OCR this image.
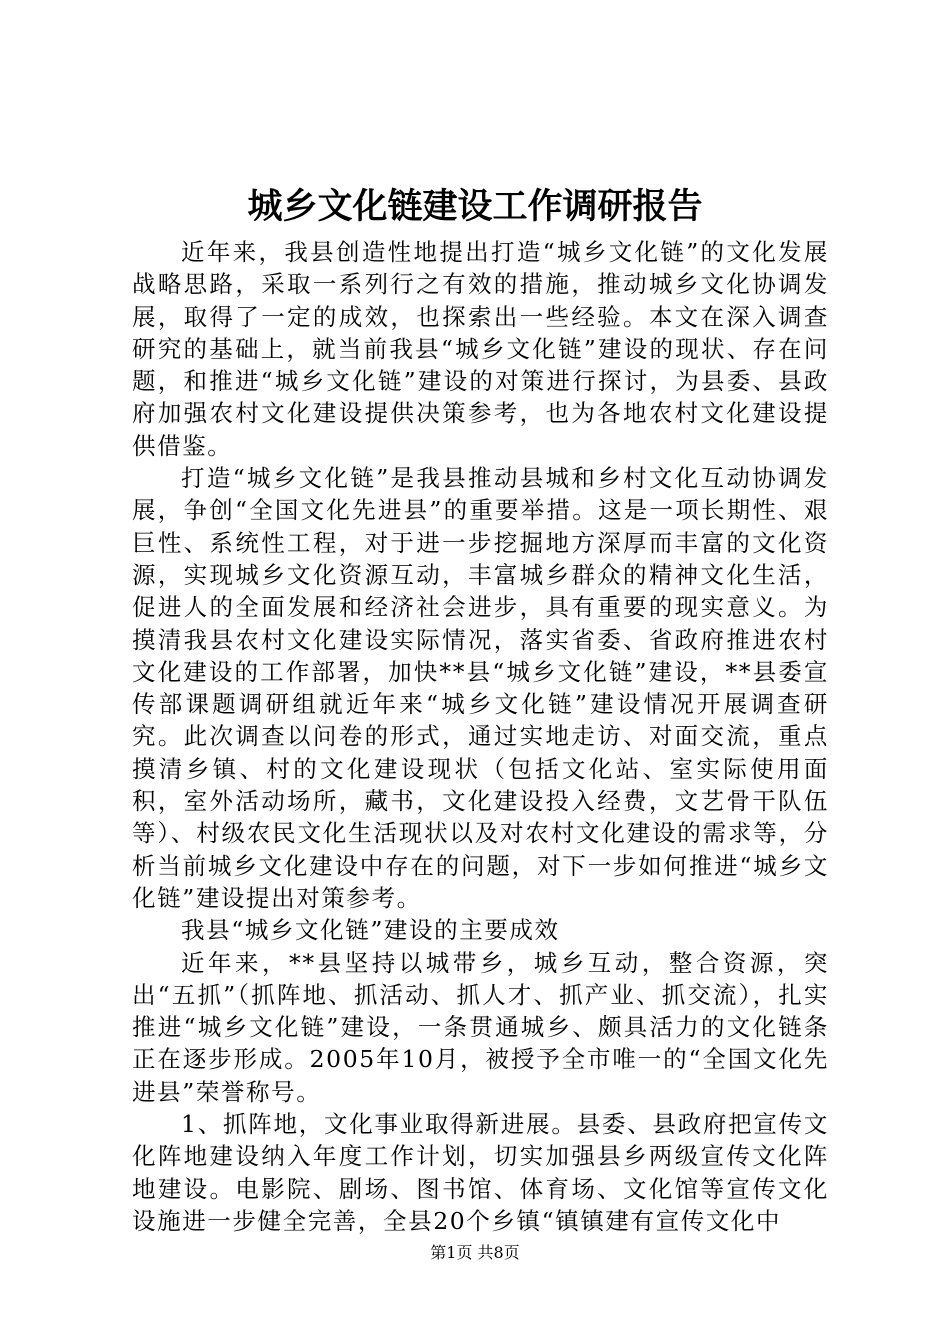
城乡文化链建设工作调研报告

近年来，我县创造性地提出打造“城乡文化链”的文化发展战略思路，采取一系列行之有效的措施，推动城乡文化协调发展，取得了一定的成效，也探索出一些经验。本文在深入调查研究的基础上，就当前我县“城乡文化链”建设的现状、存在问题，和推进“城乡文化链”建设的对策进行探讨，为县委、县政府加强农村文化建设提供决策参考，也为各地农村文化建设提供借鉴。

打造“城乡文化链”是我县推动县城和乡村文化互动协调发展，争创“全国文化先进县”的重要举措。这是一项长期性、艰巨性、系统性工程，对于进一步挖掘地方深厚而丰富的文化资源，实现城乡文化资源互动，丰富城乡群众的精神文化生活，促进人的全面发展和经济社会进步，具有重要的现实意义。为摸清我县农村文化建设实际情况，落实省委、省政府推进农村文化建设的工作部署，加快**县“城乡文化链”建设，**县委宣传部课题调研组就近年来“城乡文化链”建设情况开展调查研究。此次调查以问卷的形式，通过实地走访、对面交流，重点摸清乡镇、村的文化建设现状（包括文化站、室实际使用面积，室外活动场所，藏书，文化建设投入经费，文艺骨干队伍等）、村级农民文化生活现状以及对农村文化建设的需求等，分析当前城乡文化建设中存在的问题，对下一步如何推进“城乡文化链”建设提出对策参考。

我县“城乡文化链”建设的主要成效

近年来，**县坚持以城带乡，城乡互动，整合资源，突出“五抓”（抓阵地、抓活动、抓人才、抓产业、抓交流），扎实推进“城乡文化链”建设，一条贯通城乡、颇具活力的文化链条正在逐步形成。2005年10月，被授予全市唯一的“全国文化先进县”荣誉称号。

1、抓阵地，文化事业取得新进展。县委、县政府把宣传文化阵地建设纳入年度工作计划，切实加强县乡两级宣传文化阵地建设。电影院、剧场、图书馆、体育场、文化馆等宣传文化设施进一步健全完善，全县20个乡镇“镇镇建有宣传文化中

第1页 共8页
